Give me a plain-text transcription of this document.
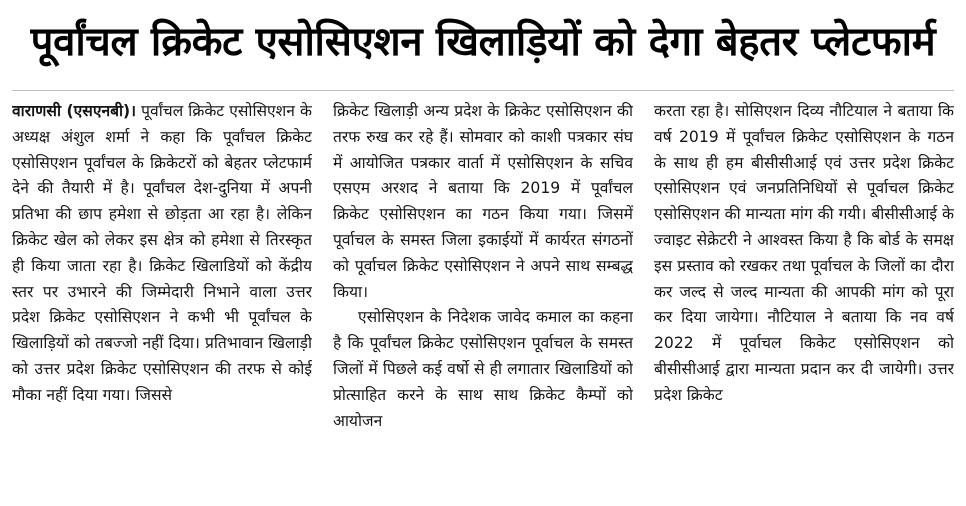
पूर्वांचल क्रिकेट एसोसिएशन खिलाड़ियों को देगा बेहतर प्लेटफार्म

वाराणसी (एसएनबी)। पूर्वांचल क्रिकेट एसोसिएशन के अध्यक्ष अंशुल शर्मा ने कहा कि पूर्वांचल क्रिकेट एसोसिएशन पूर्वांचल के क्रिकेटरों को बेहतर प्लेटफार्म देने की तैयारी में है। पूर्वांचल देश-दुनिया में अपनी प्रतिभा की छाप हमेशा से छोड़ता आ रहा है। लेकिन क्रिकेट खेल को लेकर इस क्षेत्र को हमेशा से तिरस्कृत ही किया जाता रहा है। क्रिकेट खिलाडियों को केंद्रीय स्तर पर उभारने की जिम्मेदारी निभाने वाला उत्तर प्रदेश क्रिकेट एसोसिएशन ने कभी भी पूर्वांचल के खिलाड़ियों को तबज्जो नहीं दिया। प्रतिभावान खिलाड़ी को उत्तर प्रदेश क्रिकेट एसोसिएशन की तरफ से कोई मौका नहीं दिया गया। जिससे

क्रिकेट खिलाड़ी अन्य प्रदेश के क्रिकेट एसोसिएशन की तरफ रुख कर रहे हैं। सोमवार को काशी पत्रकार संघ में आयोजित पत्रकार वार्ता में एसोसिएशन के सचिव एसएम अरशद ने बताया कि 2019 में पूर्वांचल क्रिकेट एसोसिएशन का गठन किया गया। जिसमें पूर्वाचल के समस्त जिला इकाईयों में कार्यरत संगठनों को पूर्वाचल क्रिकेट एसोसिएशन ने अपने साथ सम्बद्ध किया।

एसोसिएशन के निदेशक जावेद कमाल का कहना है कि पूर्वांचल क्रिकेट एसोसिएशन पूर्वाचल के समस्त जिलों में पिछले कई वर्षो से ही लगातार खिलाडियों को प्रोत्साहित करने के साथ साथ क्रिकेट कैम्पों को आयोजन

करता रहा है। सोसिएशन दिव्य नौटियाल ने बताया कि वर्ष 2019 में पूर्वांचल क्रिकेट एसोसिएशन के गठन के साथ ही हम बीसीसीआई एवं उत्तर प्रदेश क्रिकेट एसोसिएशन एवं जनप्रतिनिधियों से पूर्वाचल क्रिकेट एसोसिएशन की मान्यता मांग की गयी। बीसीसीआई के ज्वाइट सेक्रेटरी ने आश्वस्त किया है कि बोर्ड के समक्ष इस प्रस्ताव को रखकर तथा पूर्वाचल के जिलों का दौरा कर जल्द से जल्द मान्यता की आपकी मांग को पूरा कर दिया जायेगा। नौटियाल ने बताया कि नव वर्ष 2022 में पूर्वाचल किकेट एसोसिएशन को बीसीसीआई द्वारा मान्यता प्रदान कर दी जायेगी। उत्तर प्रदेश क्रिकेट
